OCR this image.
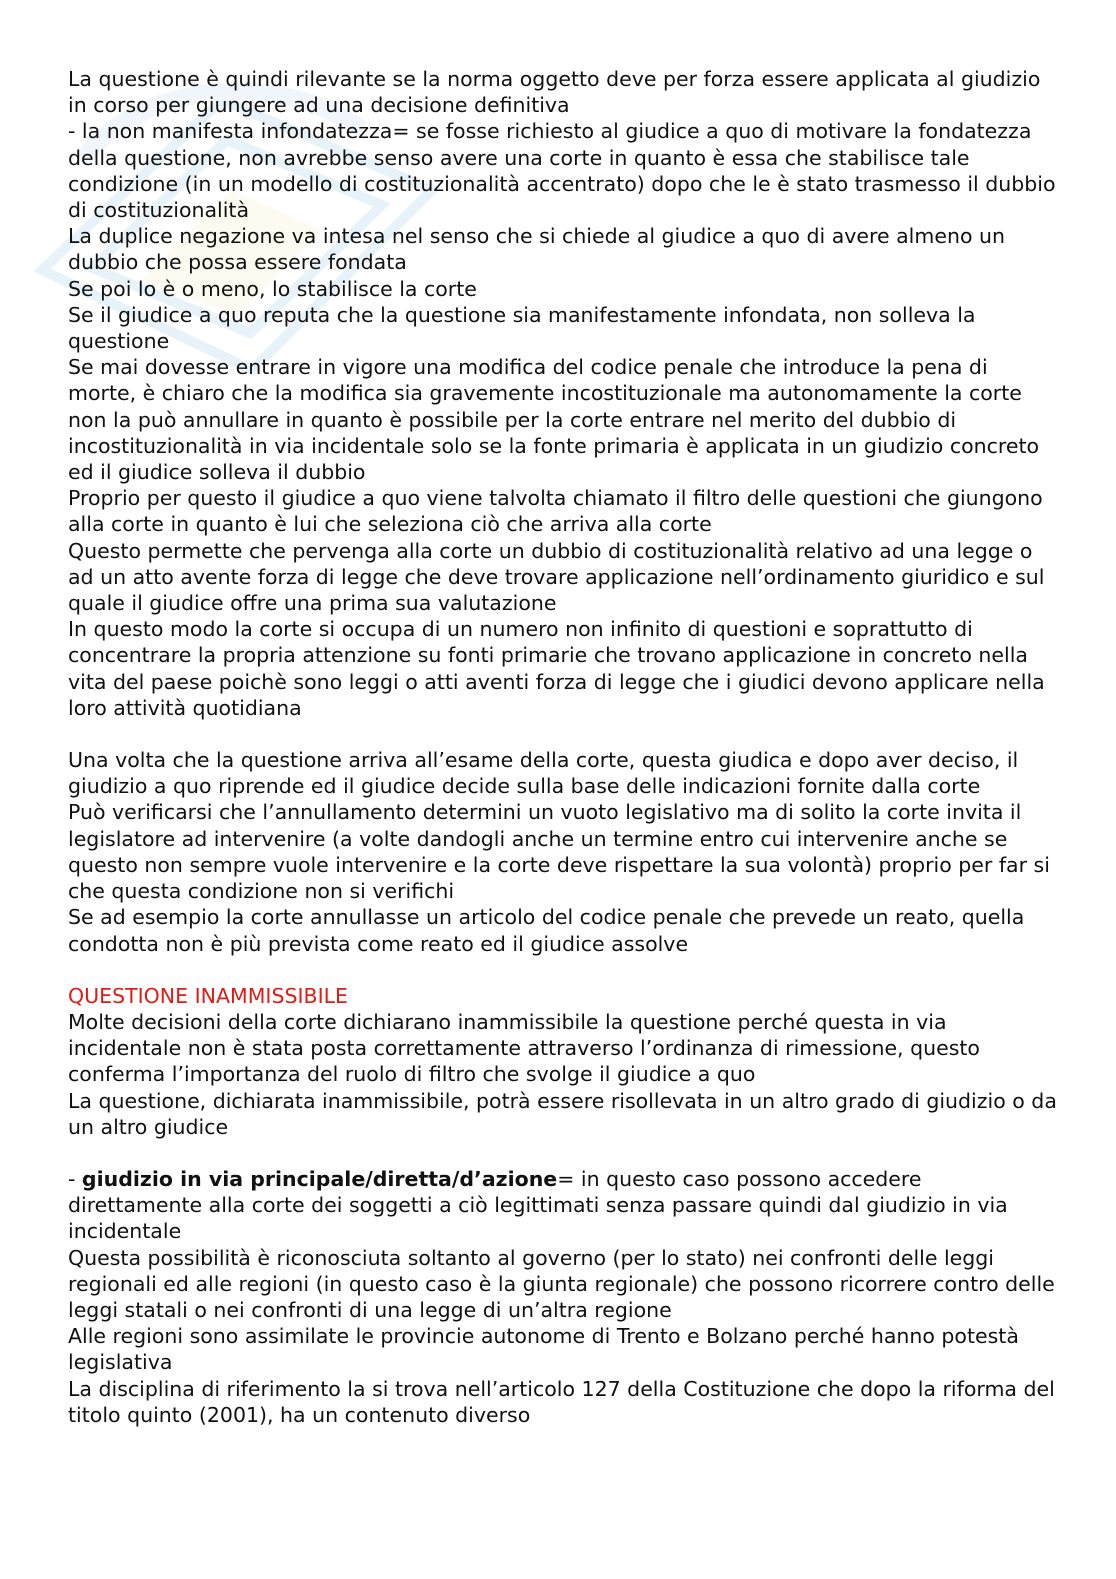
La questione è quindi rilevante se la norma oggetto deve per forza essere applicata al giudizio in corso per giungere ad una decisione definitiva

- la non manifesta infondatezza= se fosse richiesto al giudice a quo di motivare la fondatezza della questione, non avrebbe senso avere una corte in quanto è essa che stabilisce tale condizione (in un modello di costituzionalità accentrato) dopo che le è stato trasmesso il dubbio di costituzionalità

La duplice negazione va intesa nel senso che si chiede al giudice a quo di avere almeno un dubbio che possa essere fondata

Se poi lo è o meno, lo stabilisce la corte

Se il giudice a quo reputa che la questione sia manifestamente infondata, non solleva la questione

Se mai dovesse entrare in vigore una modifica del codice penale che introduce la pena di morte, è chiaro che la modifica sia gravemente incostituzionale ma autonomamente la corte non la può annullare in quanto è possibile per la corte entrare nel merito del dubbio di incostituzionalità in via incidentale solo se la fonte primaria è applicata in un giudizio concreto ed il giudice solleva il dubbio

Proprio per questo il giudice a quo viene talvolta chiamato il filtro delle questioni che giungono alla corte in quanto è lui che seleziona ciò che arriva alla corte

Questo permette che pervenga alla corte un dubbio di costituzionalità relativo ad una legge o ad un atto avente forza di legge che deve trovare applicazione nell’ordinamento giuridico e sul quale il giudice offre una prima sua valutazione

In questo modo la corte si occupa di un numero non infinito di questioni e soprattutto di concentrare la propria attenzione su fonti primarie che trovano applicazione in concreto nella vita del paese poichè sono leggi o atti aventi forza di legge che i giudici devono applicare nella loro attività quotidiana

Una volta che la questione arriva all’esame della corte, questa giudica e dopo aver deciso, il giudizio a quo riprende ed il giudice decide sulla base delle indicazioni fornite dalla corte

Può verificarsi che l’annullamento determini un vuoto legislativo ma di solito la corte invita il legislatore ad intervenire (a volte dandogli anche un termine entro cui intervenire anche se questo non sempre vuole intervenire e la corte deve rispettare la sua volontà) proprio per far si che questa condizione non si verifichi

Se ad esempio la corte annullasse un articolo del codice penale che prevede un reato, quella condotta non è più prevista come reato ed il giudice assolve

QUESTIONE INAMMISSIBILE

Molte decisioni della corte dichiarano inammissibile la questione perché questa in via incidentale non è stata posta correttamente attraverso l’ordinanza di rimessione, questo conferma l’importanza del ruolo di filtro che svolge il giudice a quo

La questione, dichiarata inammissibile, potrà essere risollevata in un altro grado di giudizio o da un altro giudice

- giudizio in via principale/diretta/d’azione= in questo caso possono accedere direttamente alla corte dei soggetti a ciò legittimati senza passare quindi dal giudizio in via incidentale

Questa possibilità è riconosciuta soltanto al governo (per lo stato) nei confronti delle leggi regionali ed alle regioni (in questo caso è la giunta regionale) che possono ricorrere contro delle leggi statali o nei confronti di una legge di un’altra regione

Alle regioni sono assimilate le provincie autonome di Trento e Bolzano perché hanno potestà legislativa

La disciplina di riferimento la si trova nell’articolo 127 della Costituzione che dopo la riforma del titolo quinto (2001), ha un contenuto diverso
